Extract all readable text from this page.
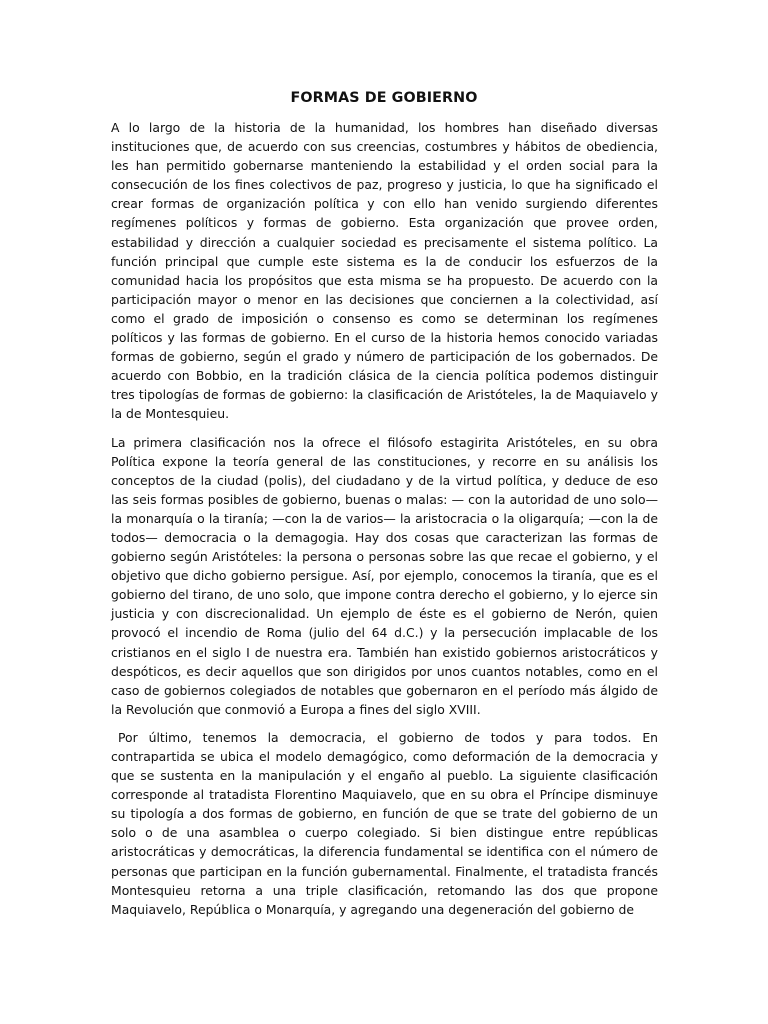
FORMAS DE GOBIERNO

A lo largo de la historia de la humanidad, los hombres han diseñado diversas instituciones que, de acuerdo con sus creencias, costumbres y hábitos de obediencia, les han permitido gobernarse manteniendo la estabilidad y el orden social para la consecución de los fines colectivos de paz, progreso y justicia, lo que ha significado el crear formas de organización política y con ello han venido surgiendo diferentes regímenes políticos y formas de gobierno. Esta organización que provee orden, estabilidad y dirección a cualquier sociedad es precisamente el sistema político. La función principal que cumple este sistema es la de conducir los esfuerzos de la comunidad hacia los propósitos que esta misma se ha propuesto. De acuerdo con la participación mayor o menor en las decisiones que conciernen a la colectividad, así como el grado de imposición o consenso es como se determinan los regímenes políticos y las formas de gobierno. En el curso de la historia hemos conocido variadas formas de gobierno, según el grado y número de participación de los gobernados. De acuerdo con Bobbio, en la tradición clásica de la ciencia política podemos distinguir tres tipologías de formas de gobierno: la clasificación de Aristóteles, la de Maquiavelo y la de Montesquieu.

La primera clasificación nos la ofrece el filósofo estagirita Aristóteles, en su obra Política expone la teoría general de las constituciones, y recorre en su análisis los conceptos de la ciudad (polis), del ciudadano y de la virtud política, y deduce de eso las seis formas posibles de gobierno, buenas o malas: — con la autoridad de uno solo— la monarquía o la tiranía; —con la de varios— la aristocracia o la oligarquía; —con la de todos— democracia o la demagogia. Hay dos cosas que caracterizan las formas de gobierno según Aristóteles: la persona o personas sobre las que recae el gobierno, y el objetivo que dicho gobierno persigue. Así, por ejemplo, conocemos la tiranía, que es el gobierno del tirano, de uno solo, que impone contra derecho el gobierno, y lo ejerce sin justicia y con discrecionalidad. Un ejemplo de éste es el gobierno de Nerón, quien provocó el incendio de Roma (julio del 64 d.C.) y la persecución implacable de los cristianos en el siglo I de nuestra era. También han existido gobiernos aristocráticos y despóticos, es decir aquellos que son dirigidos por unos cuantos notables, como en el caso de gobiernos colegiados de notables que gobernaron en el período más álgido de la Revolución que conmovió a Europa a fines del siglo XVIII.

Por último, tenemos la democracia, el gobierno de todos y para todos. En contrapartida se ubica el modelo demagógico, como deformación de la democracia y que se sustenta en la manipulación y el engaño al pueblo. La siguiente clasificación corresponde al tratadista Florentino Maquiavelo, que en su obra el Príncipe disminuye su tipología a dos formas de gobierno, en función de que se trate del gobierno de un solo o de una asamblea o cuerpo colegiado. Si bien distingue entre repúblicas aristocráticas y democráticas, la diferencia fundamental se identifica con el número de personas que participan en la función gubernamental. Finalmente, el tratadista francés Montesquieu retorna a una triple clasificación, retomando las dos que propone Maquiavelo, República o Monarquía, y agregando una degeneración del gobierno de
